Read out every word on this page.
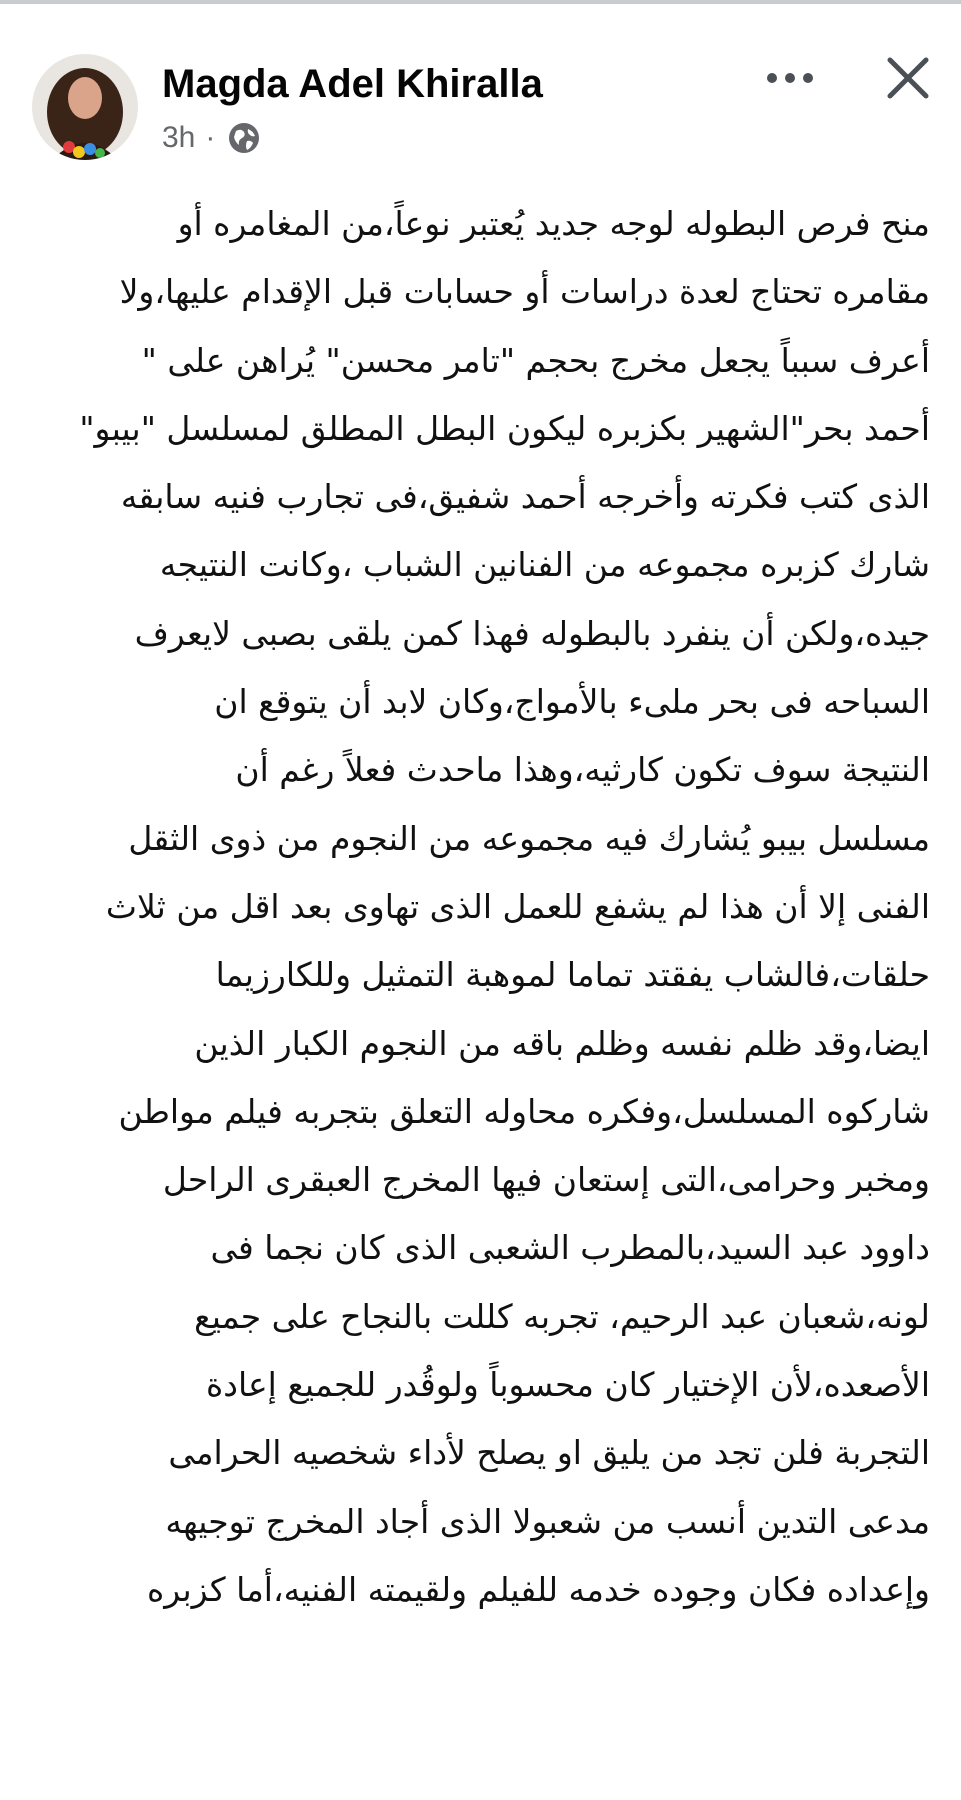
Magda Adel Khiralla
3h ·
منح فرص البطوله لوجه جديد يُعتبر نوعاً،من المغامره أو
مقامره تحتاج لعدة دراسات أو حسابات قبل الإقدام عليها،ولا
أعرف سبباً يجعل مخرج بحجم "تامر محسن" يُراهن على "
أحمد بحر"الشهير بكزبره ليكون البطل المطلق لمسلسل "بيبو"
الذى كتب فكرته وأخرجه أحمد شفيق،فى تجارب فنيه سابقه
شارك كزبره مجموعه من الفنانين الشباب ،وكانت النتيجه
جيده،ولكن أن ينفرد بالبطوله فهذا كمن يلقى بصبى لايعرف
السباحه فى بحر ملىء بالأمواج،وكان لابد أن يتوقع ان
النتيجة سوف تكون كارثيه،وهذا ماحدث فعلاً رغم أن
مسلسل بيبو يُشارك فيه مجموعه من النجوم من ذوى الثقل
الفنى إلا أن هذا لم يشفع للعمل الذى تهاوى بعد اقل من ثلاث
حلقات،فالشاب يفقتد تماما لموهبة التمثيل وللكارزيما
ايضا،وقد ظلم نفسه وظلم باقه من النجوم الكبار الذين
شاركوه المسلسل،وفكره محاوله التعلق بتجربه فيلم مواطن
ومخبر وحرامى،التى إستعان فيها المخرج العبقرى الراحل
داوود عبد السيد،بالمطرب الشعبى الذى كان نجما فى
لونه،شعبان عبد الرحيم، تجربه كللت بالنجاح على جميع
الأصعده،لأن الإختيار كان محسوباً ولوقُدر للجميع إعادة
التجربة فلن تجد من يليق او يصلح لأداء شخصيه الحرامى
مدعى التدين أنسب من شعبولا الذى أجاد المخرج توجيهه
وإعداده فكان وجوده خدمه للفيلم ولقيمته الفنيه،أما كزبره
